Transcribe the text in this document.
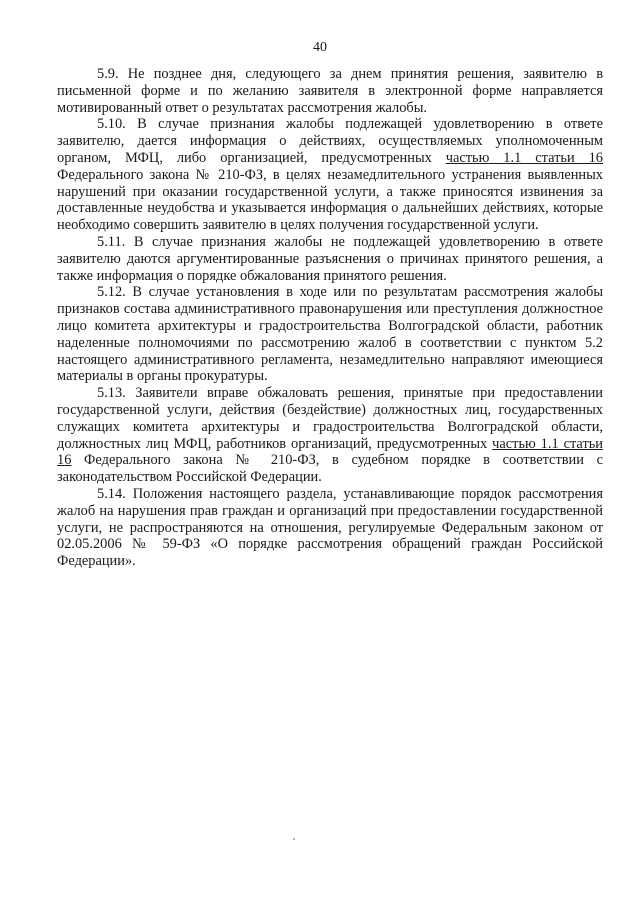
40

5.9. Не позднее дня, следующего за днем принятия решения, заявителю в письменной форме и по желанию заявителя в электронной форме направляется мотивированный ответ о результатах рассмотрения жалобы.

5.10. В случае признания жалобы подлежащей удовлетворению в ответе заявителю, дается информация о действиях, осуществляемых уполномоченным органом, МФЦ, либо организацией, предусмотренных частью 1.1 статьи 16 Федерального закона № 210-ФЗ, в целях незамедлительного устранения выявленных нарушений при оказании государственной услуги, а также приносятся извинения за доставленные неудобства и указывается информация о дальнейших действиях, которые необходимо совершить заявителю в целях получения государственной услуги.

5.11. В случае признания жалобы не подлежащей удовлетворению в ответе заявителю даются аргументированные разъяснения о причинах принятого решения, а также информация о порядке обжалования принятого решения.

5.12. В случае установления в ходе или по результатам рассмотрения жалобы признаков состава административного правонарушения или преступления должностное лицо комитета архитектуры и градостроительства Волгоградской области, работник наделенные полномочиями по рассмотрению жалоб в соответствии с пунктом 5.2 настоящего административного регламента, незамедлительно направляют имеющиеся материалы в органы прокуратуры.

5.13. Заявители вправе обжаловать решения, принятые при предоставлении государственной услуги, действия (бездействие) должностных лиц, государственных служащих комитета архитектуры и градостроительства Волгоградской области, должностных лиц МФЦ, работников организаций, предусмотренных частью 1.1 статьи 16 Федерального закона № 210-ФЗ, в судебном порядке в соответствии с законодательством Российской Федерации.

5.14. Положения настоящего раздела, устанавливающие порядок рассмотрения жалоб на нарушения прав граждан и организаций при предоставлении государственной услуги, не распространяются на отношения, регулируемые Федеральным законом от 02.05.2006 № 59-ФЗ «О порядке рассмотрения обращений граждан Российской Федерации».
